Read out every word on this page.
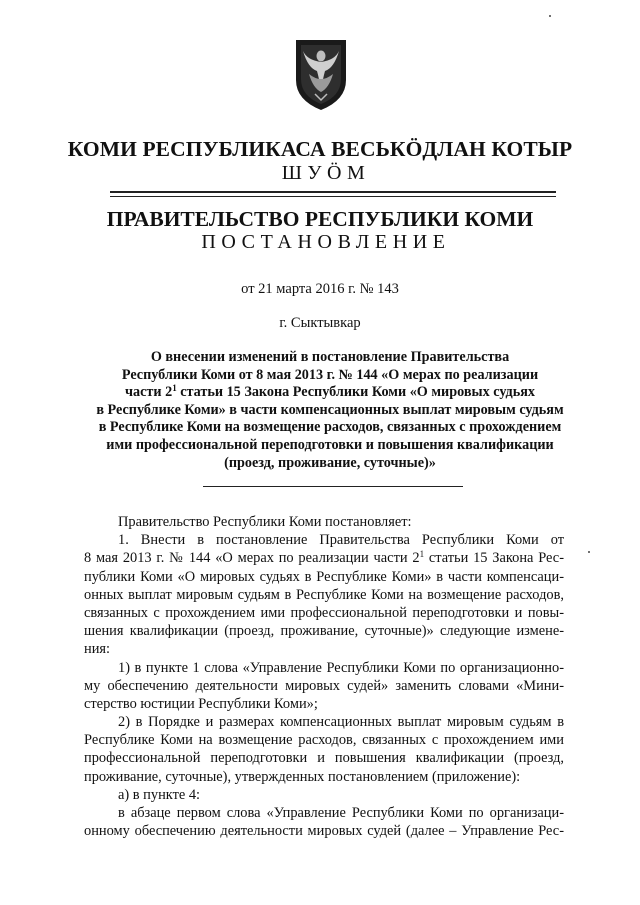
КОМИ РЕСПУБЛИКАСА ВЕСЬКÖДЛАН КОТЫР
ШУÖМ
ПРАВИТЕЛЬСТВО РЕСПУБЛИКИ КОМИ
ПОСТАНОВЛЕНИЕ
от 21 марта 2016 г. № 143
г. Сыктывкар
О внесении изменений в постановление Правительства
Республики Коми от 8 мая 2013 г. № 144 «О мерах по реализации
части $2^1$ статьи 15 Закона Республики Коми «О мировых судьях
в Республике Коми» в части компенсационных выплат мировым судьям
в Республике Коми на возмещение расходов, связанных с прохождением
ими профессиональной переподготовки и повышения квалификации
(проезд, проживание, суточные)»
Правительство Республики Коми постановляет:
1. Внести в постановление Правительства Республики Коми от
8 мая 2013 г. № 144 «О мерах по реализации части $2^1$ статьи 15 Закона Рес-
публики Коми «О мировых судьях в Республике Коми» в части компенсаци-
онных выплат мировым судьям в Республике Коми на возмещение расходов,
связанных с прохождением ими профессиональной переподготовки и повы-
шения квалификации (проезд, проживание, суточные)» следующие измене-
ния:
1) в пункте 1 слова «Управление Республики Коми по организационно-
му обеспечению деятельности мировых судей» заменить словами «Мини-
стерство юстиции Республики Коми»;
2) в Порядке и размерах компенсационных выплат мировым судьям в
Республике Коми на возмещение расходов, связанных с прохождением ими
профессиональной переподготовки и повышения квалификации (проезд,
проживание, суточные), утвержденных постановлением (приложение):
а) в пункте 4:
в абзаце первом слова «Управление Республики Коми по организаци-
онному обеспечению деятельности мировых судей (далее – Управление Рес-
